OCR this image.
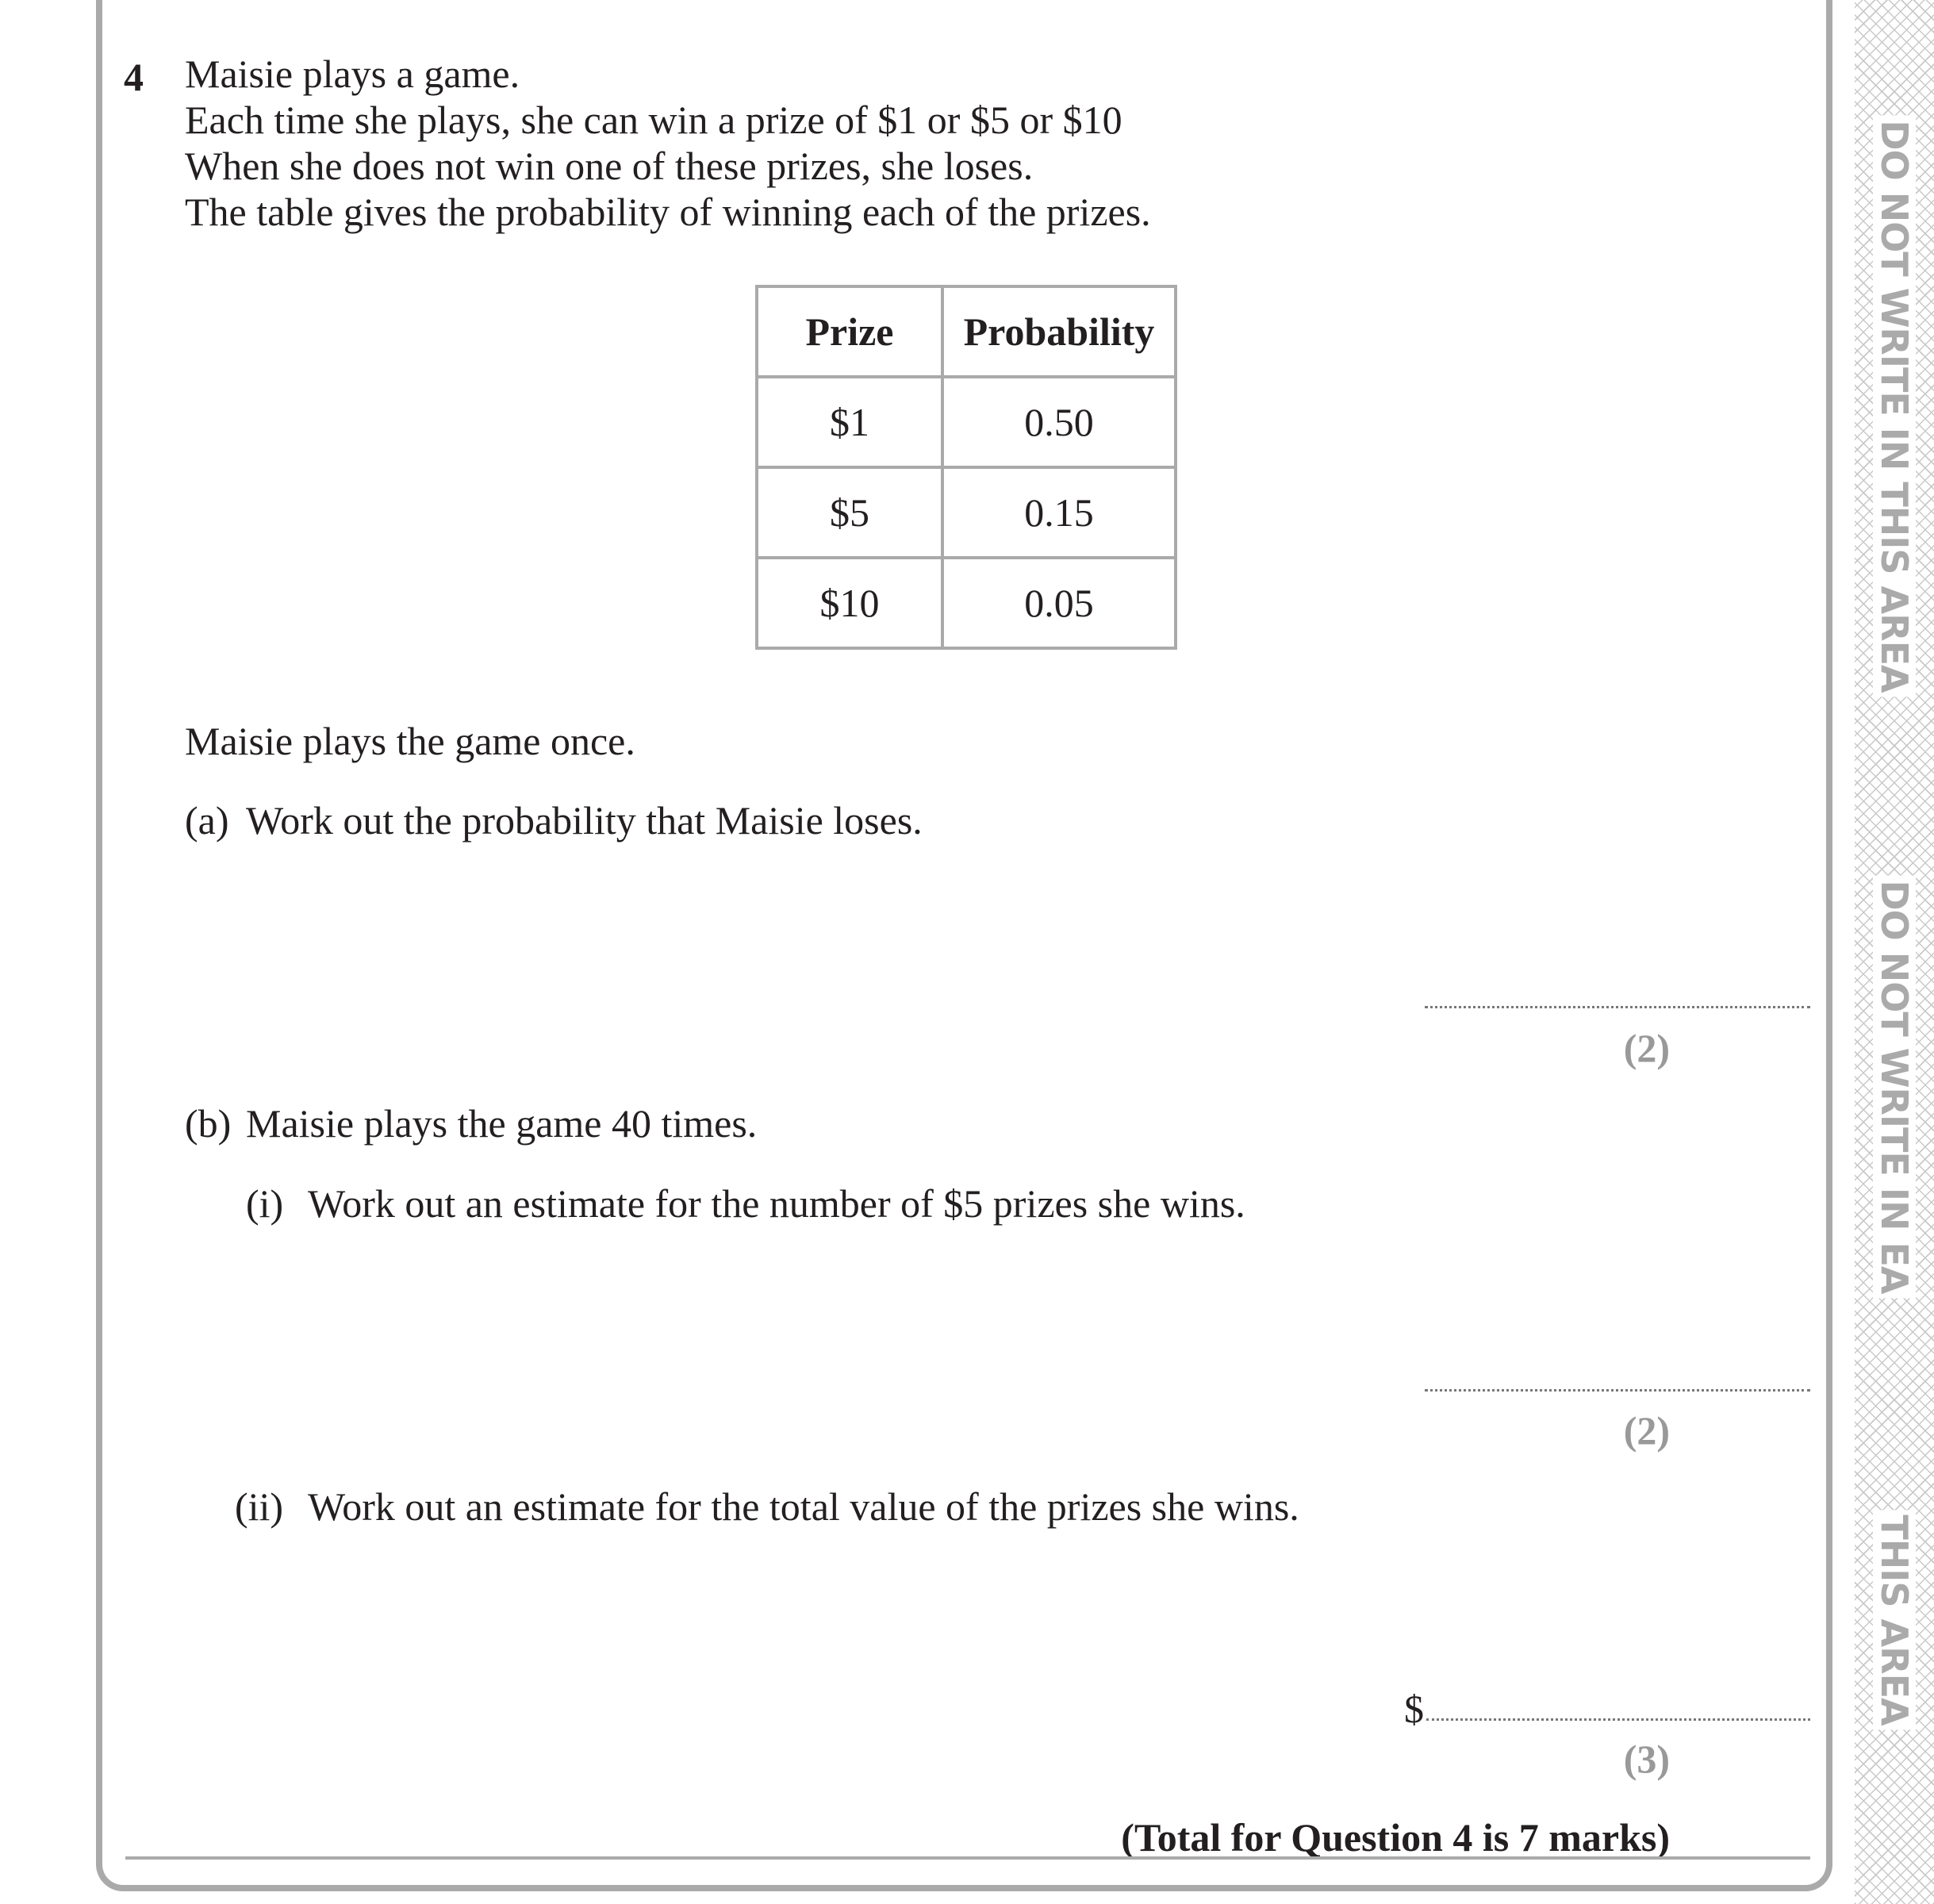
DO NOT WRITE IN THIS AREA
DO NOT WRITE IN EA
THIS AREA
4 Maisie plays a game.
Each time she plays, she can win a prize of $1 or $5 or $10
When she does not win one of these prizes, she loses.
The table gives the probability of winning each of the prizes.
Prize	Probability
$1	0.50
$5	0.15
$10	0.05
Maisie plays the game once.
(a) Work out the probability that Maisie loses.
(2)
(b) Maisie plays the game 40 times.
(i) Work out an estimate for the number of $5 prizes she wins.
(2)
(ii) Work out an estimate for the total value of the prizes she wins.
$
(3)
(Total for Question 4 is 7 marks)
